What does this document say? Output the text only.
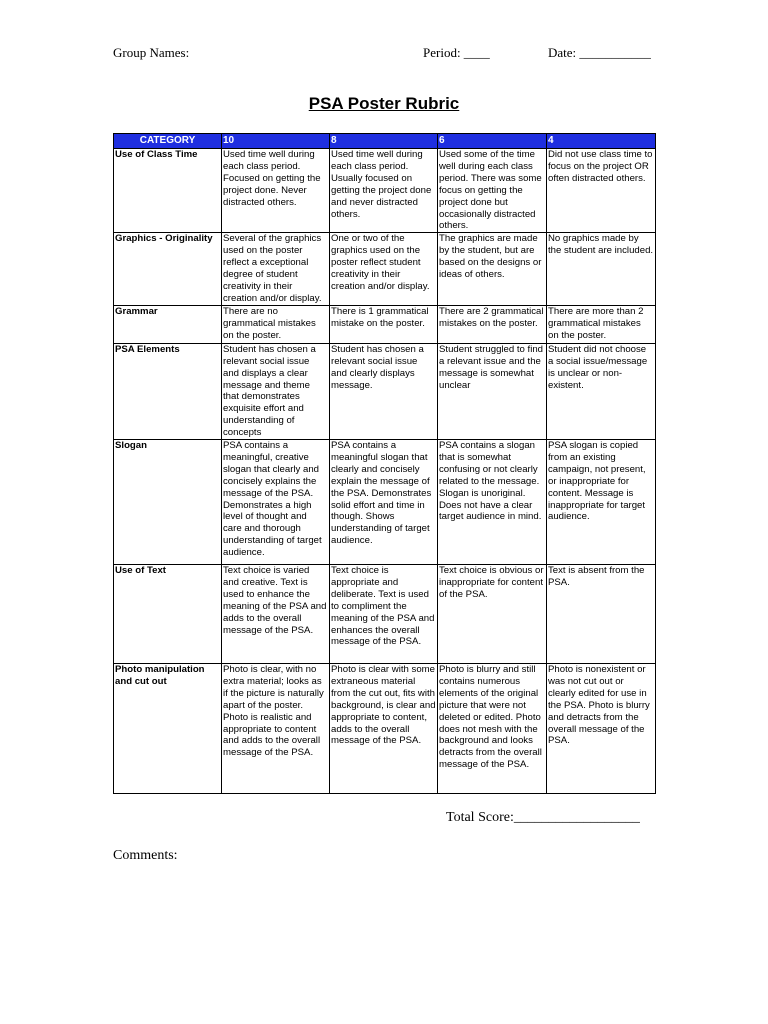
Group Names:	Period: ____	Date: ___________
PSA Poster Rubric
CATEGORY	10	8	6	4
Use of Class Time	Used time well during each class period. Focused on getting the project done. Never distracted others.	Used time well during each class period. Usually focused on getting the project done and never distracted others.	Used some of the time well during each class period. There was some focus on getting the project done but occasionally distracted others.	Did not use class time to focus on the project OR often distracted others.
Graphics - Originality	Several of the graphics used on the poster reflect a exceptional degree of student creativity in their creation and/or display.	One or two of the graphics used on the poster reflect student creativity in their creation and/or display.	The graphics are made by the student, but are based on the designs or ideas of others.	No graphics made by the student are included.
Grammar	There are no grammatical mistakes on the poster.	There is 1 grammatical mistake on the poster.	There are 2 grammatical mistakes on the poster.	There are more than 2 grammatical mistakes on the poster.
PSA Elements	Student has chosen a relevant social issue and displays a clear message and theme that demonstrates exquisite effort and understanding of concepts	Student has chosen a relevant social issue and clearly displays message.	Student struggled to find a relevant issue and the message is somewhat unclear	Student did not choose a social issue/message is unclear or non-existent.
Slogan	PSA contains a meaningful, creative slogan that clearly and concisely explains the message of the PSA. Demonstrates a high level of thought and care and thorough understanding of target audience.	PSA contains a meaningful slogan that clearly and concisely explain the message of the PSA. Demonstrates solid effort and time in though. Shows understanding of target audience.	PSA contains a slogan that is somewhat confusing or not clearly related to the message. Slogan is unoriginal. Does not have a clear target audience in mind.	PSA slogan is copied from an existing campaign, not present, or inappropriate for content. Message is inappropriate for target audience.
Use of Text	Text choice is varied and creative. Text is used to enhance the meaning of the PSA and adds to the overall message of the PSA.	Text choice is appropriate and deliberate. Text is used to compliment the meaning of the PSA and enhances the overall message of the PSA.	Text choice is obvious or inappropriate for content of the PSA.	Text is absent from the PSA.
Photo manipulation and cut out	Photo is clear, with no extra material; looks as if the picture is naturally apart of the poster. Photo is realistic and appropriate to content and adds to the overall message of the PSA.	Photo is clear with some extraneous material from the cut out, fits with background, is clear and appropriate to content, adds to the overall message of the PSA.	Photo is blurry and still contains numerous elements of the original picture that were not deleted or edited. Photo does not mesh with the background and looks detracts from the overall message of the PSA.	Photo is nonexistent or was not cut out or clearly edited for use in the PSA. Photo is blurry and detracts from the overall message of the PSA.
Total Score:__________________
Comments:
